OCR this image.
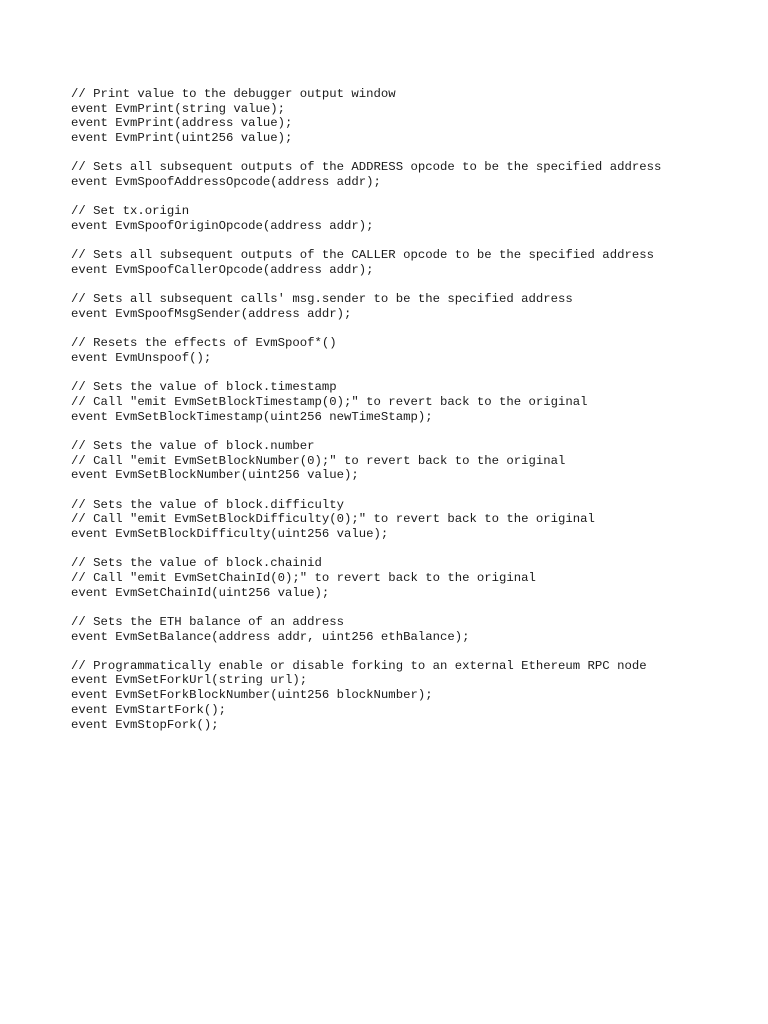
// Print value to the debugger output window
event EvmPrint(string value);
event EvmPrint(address value);
event EvmPrint(uint256 value);
// Sets all subsequent outputs of the ADDRESS opcode to be the specified address
event EvmSpoofAddressOpcode(address addr);
// Set tx.origin
event EvmSpoofOriginOpcode(address addr);
// Sets all subsequent outputs of the CALLER opcode to be the specified address
event EvmSpoofCallerOpcode(address addr);
// Sets all subsequent calls' msg.sender to be the specified address
event EvmSpoofMsgSender(address addr);
// Resets the effects of EvmSpoof*()
event EvmUnspoof();
// Sets the value of block.timestamp
// Call "emit EvmSetBlockTimestamp(0);" to revert back to the original
event EvmSetBlockTimestamp(uint256 newTimeStamp);
// Sets the value of block.number
// Call "emit EvmSetBlockNumber(0);" to revert back to the original
event EvmSetBlockNumber(uint256 value);
// Sets the value of block.difficulty
// Call "emit EvmSetBlockDifficulty(0);" to revert back to the original
event EvmSetBlockDifficulty(uint256 value);
// Sets the value of block.chainid
// Call "emit EvmSetChainId(0);" to revert back to the original
event EvmSetChainId(uint256 value);
// Sets the ETH balance of an address
event EvmSetBalance(address addr, uint256 ethBalance);
// Programmatically enable or disable forking to an external Ethereum RPC node
event EvmSetForkUrl(string url);
event EvmSetForkBlockNumber(uint256 blockNumber);
event EvmStartFork();
event EvmStopFork();
